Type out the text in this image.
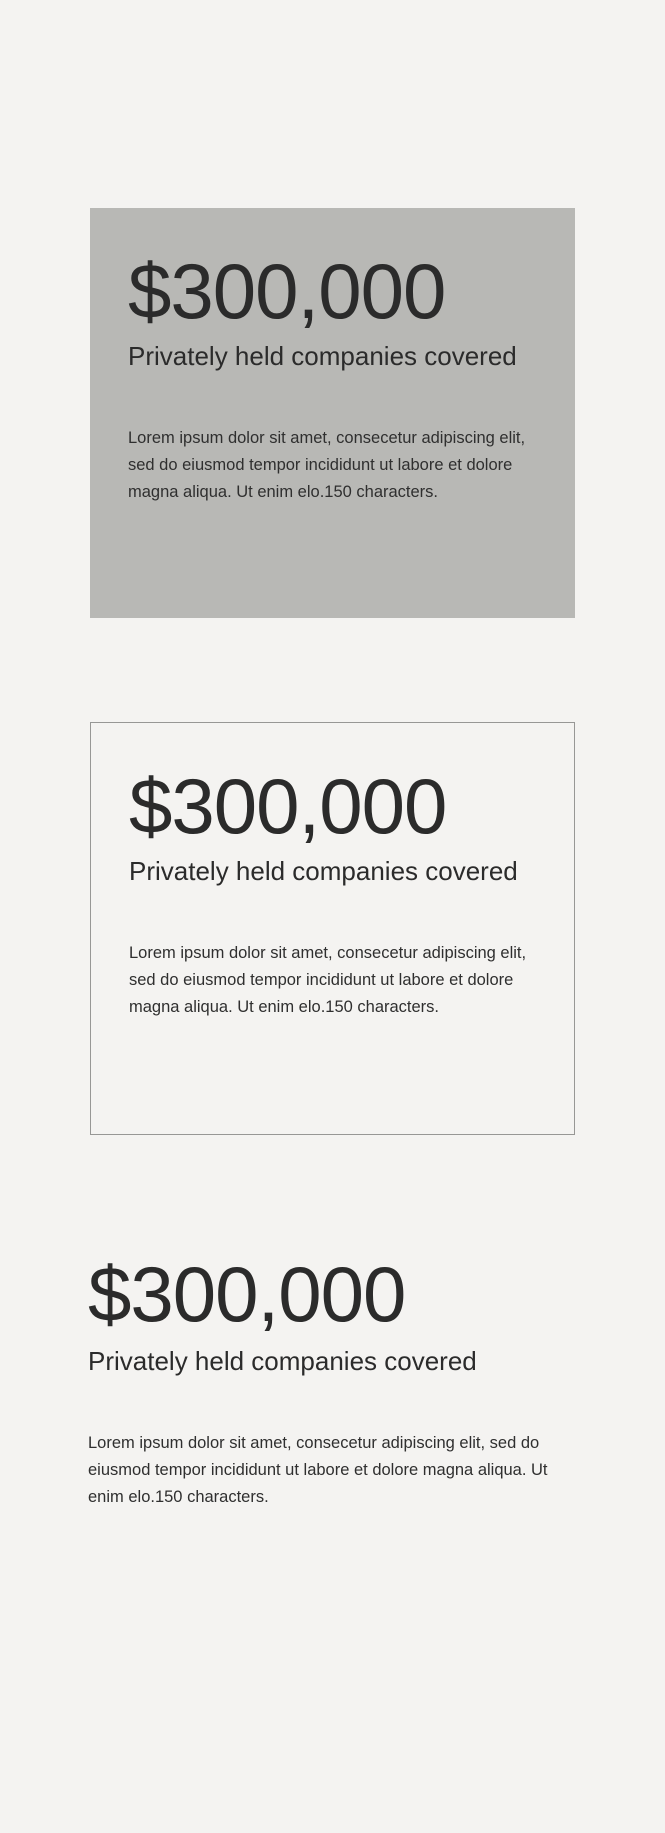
$300,000
Privately held companies covered
Lorem ipsum dolor sit amet, consecetur adipiscing elit, sed do eiusmod tempor incididunt ut labore et dolore magna aliqua. Ut enim elo.150 characters.
$300,000
Privately held companies covered
Lorem ipsum dolor sit amet, consecetur adipiscing elit, sed do eiusmod tempor incididunt ut labore et dolore magna aliqua. Ut enim elo.150 characters.
$300,000
Privately held companies covered
Lorem ipsum dolor sit amet, consecetur adipiscing elit, sed do eiusmod tempor incididunt ut labore et dolore magna aliqua. Ut enim elo.150 characters.
